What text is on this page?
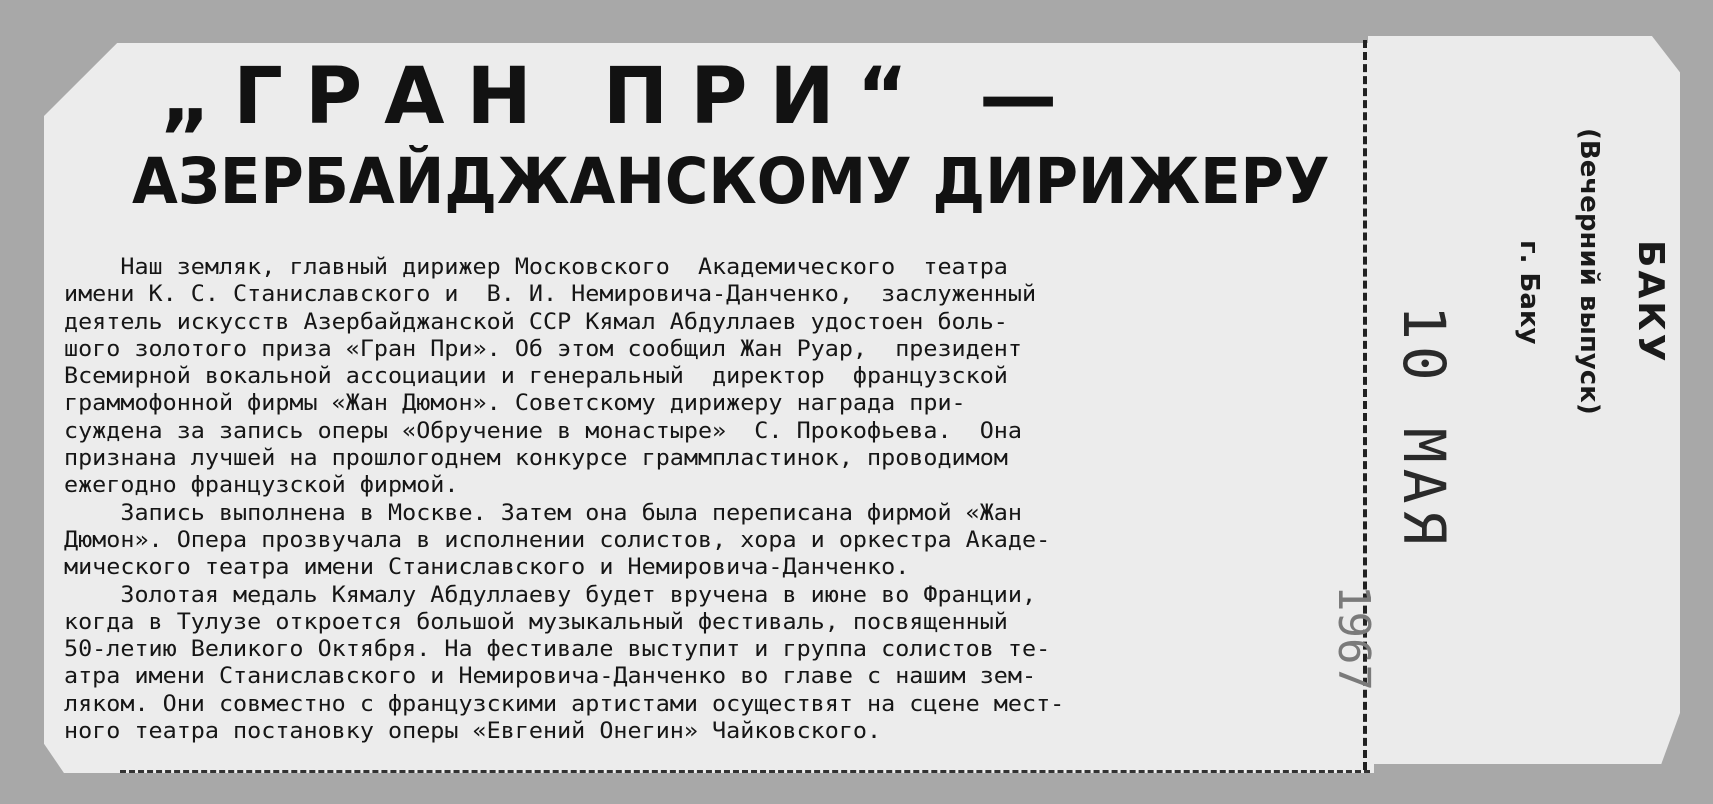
„ГРАН ПРИ“ —
АЗЕРБАЙДЖАНСКОМУ ДИРИЖЕРУ

Наш земляк, главный дирижер Московского  Академического  театра

имени К. С. Станиславского и  В. И. Немировича-Данченко,  заслуженный

деятель искусств Азербайджанской ССР Кямал Абдуллаев удостоен боль-

шого золотого приза «Гран При». Об этом сообщил Жан Руар,  президент

Всемирной вокальной ассоциации и генеральный  директор  французской

граммофонной фирмы «Жан Дюмон». Советскому дирижеру награда при-

суждена за запись оперы «Обручение в монастыре»  С. Прокофьева.  Она

признана лучшей на прошлогоднем конкурсе граммпластинок, проводимом

ежегодно французской фирмой.

Запись выполнена в Москве. Затем она была переписана фирмой «Жан

Дюмон». Опера прозвучала в исполнении солистов, хора и оркестра Акаде-

мического театра имени Станиславского и Немировича-Данченко.

Золотая медаль Кямалу Абдуллаеву будет вручена в июне во Франции,

когда в Тулузе откроется большой музыкальный фестиваль, посвященный

50-летию Великого Октября. На фестивале выступит и группа солистов те-

атра имени Станиславского и Немировича-Данченко во главе с нашим зем-

ляком. Они совместно с французскими артистами осуществят на сцене мест-

ного театра постановку оперы «Евгений Онегин» Чайковского.

БАКУ
(Вечерний выпуск)
г. Баку
10 МАЯ
1967
